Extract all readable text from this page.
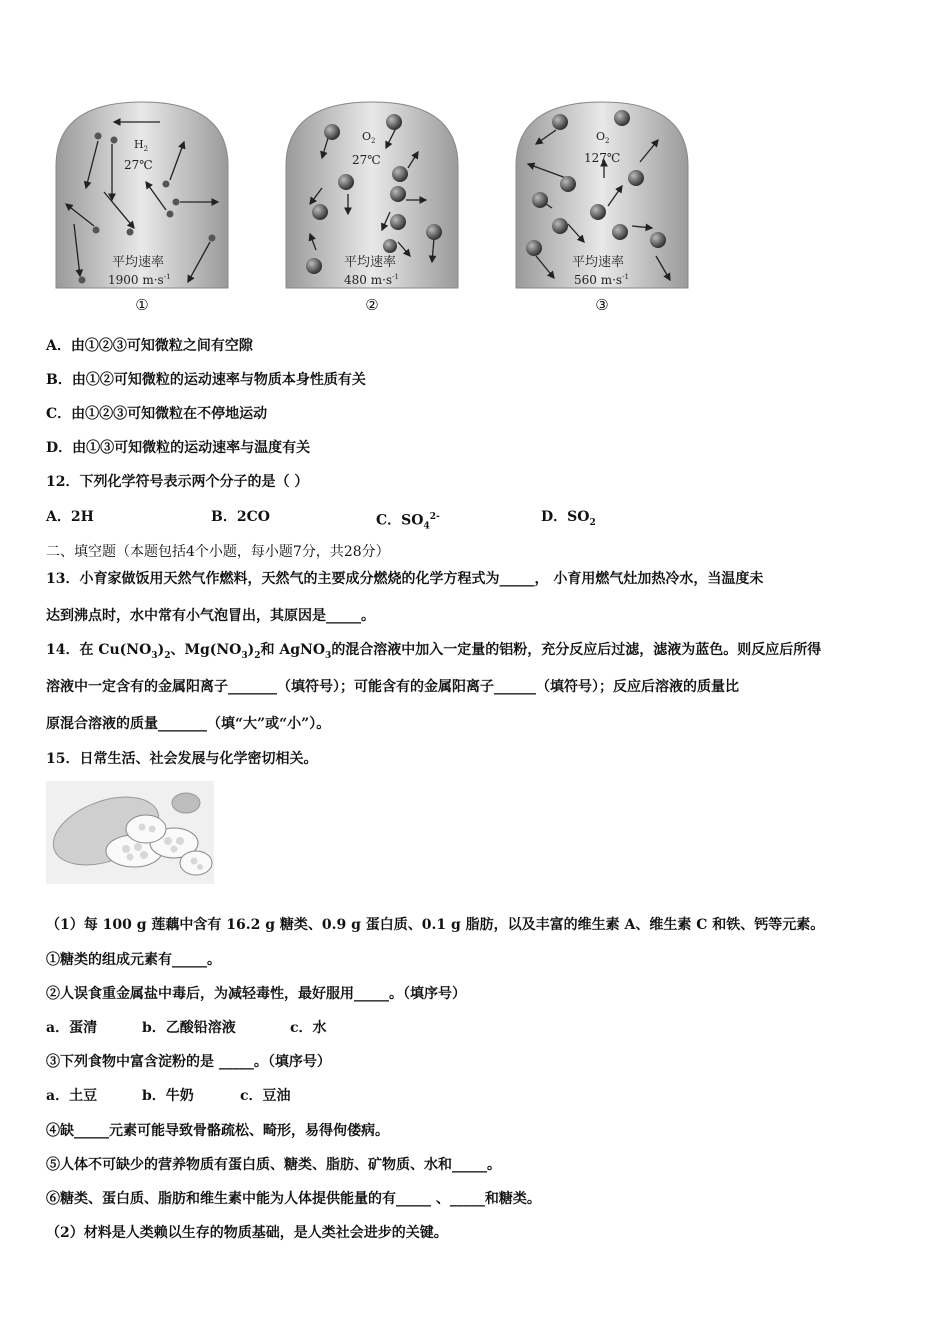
$H_2$
27℃
平均速率
1900 $m\cdot s^{-1}$
①
$O_2$
27℃
平均速率
480 $m\cdot s^{-1}$
②
$O_2$
127℃
平均速率
560 $m\cdot s^{-1}$
③
A．由①②③可知微粒之间有空隙
B．由①②可知微粒的运动速率与物质本身性质有关
C．由①②③可知微粒在不停地运动
D．由①③可知微粒的运动速率与温度有关
12．下列化学符号表示两个分子的是（ ）
A．2H	B．2CO	C．$SO_4^{2-}$	D．$SO_2$
二、填空题（本题包括4个小题，每小题7分，共28分）
13．小育家做饭用天然气作燃料，天然气的主要成分燃烧的化学方程式为_____， 小育用燃气灶加热冷水，当温度未
达到沸点时，水中常有小气泡冒出，其原因是_____。
14．在 $Cu(NO_3)_2$、$Mg(NO_3)_2$和 AgNO$_3$的混合溶液中加入一定量的铝粉，充分反应后过滤，滤液为蓝色。则反应后所得
溶液中一定含有的金属阳离子_______（填符号）；可能含有的金属阳离子______（填符号）；反应后溶液的质量比
原混合溶液的质量_______（填“大”或“小”）。
15．日常生活、社会发展与化学密切相关。
（1）每 100 g 莲藕中含有 16.2 g 糖类、0.9 g 蛋白质、0.1 g 脂肪，以及丰富的维生素 A、维生素 C 和铁、钙等元素。
①糖类的组成元素有_____。
②人误食重金属盐中毒后，为减轻毒性，最好服用_____。（填序号）
a．蛋清	b．乙酸铅溶液	c．水
③下列食物中富含淀粉的是 _____。（填序号）
a．土豆	b．牛奶	c．豆油
④缺_____元素可能导致骨骼疏松、畸形，易得佝偻病。
⑤人体不可缺少的营养物质有蛋白质、糖类、脂肪、矿物质、水和_____。
⑥糖类、蛋白质、脂肪和维生素中能为人体提供能量的有_____ 、_____和糖类。
（2）材料是人类赖以生存的物质基础，是人类社会进步的关键。
